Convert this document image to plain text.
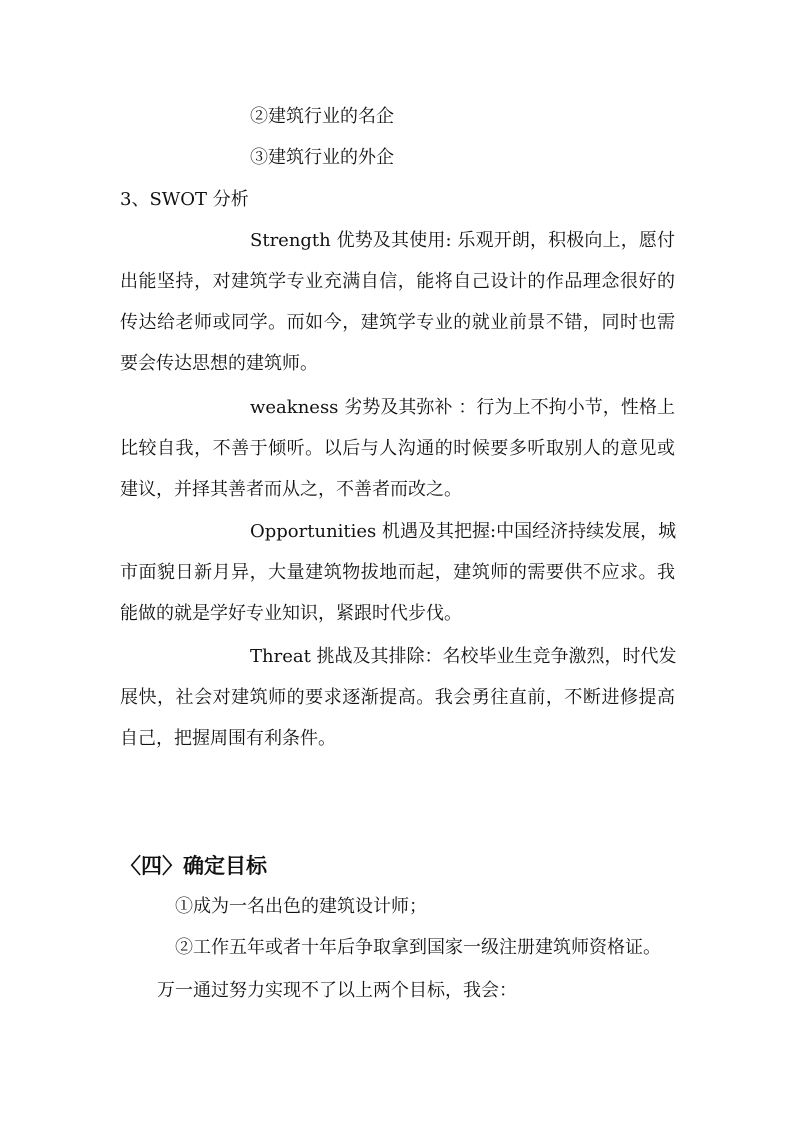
②建筑行业的名企

③建筑行业的外企

3、SWOT 分析

Strength 优势及其使用: 乐观开朗，积极向上，愿付
出能坚持，对建筑学专业充满自信，能将自己设计的作品理念很好的
传达给老师或同学。而如今，建筑学专业的就业前景不错，同时也需
要会传达思想的建筑师。
weakness 劣势及其弥补 ：行为上不拘小节，性格上
比较自我，不善于倾听。以后与人沟通的时候要多听取别人的意见或
建议，并择其善者而从之，不善者而改之。
Opportunities 机遇及其把握:中国经济持续发展，城
市面貌日新月异，大量建筑物拔地而起，建筑师的需要供不应求。我
能做的就是学好专业知识，紧跟时代步伐。
Threat 挑战及其排除：名校毕业生竞争激烈，时代发
展快，社会对建筑师的要求逐渐提高。我会勇往直前，不断进修提高
自己，把握周围有利条件。
〈四〉确定目标

①成为一名出色的建筑设计师；

②工作五年或者十年后争取拿到国家一级注册建筑师资格证。

万一通过努力实现不了以上两个目标，我会：
